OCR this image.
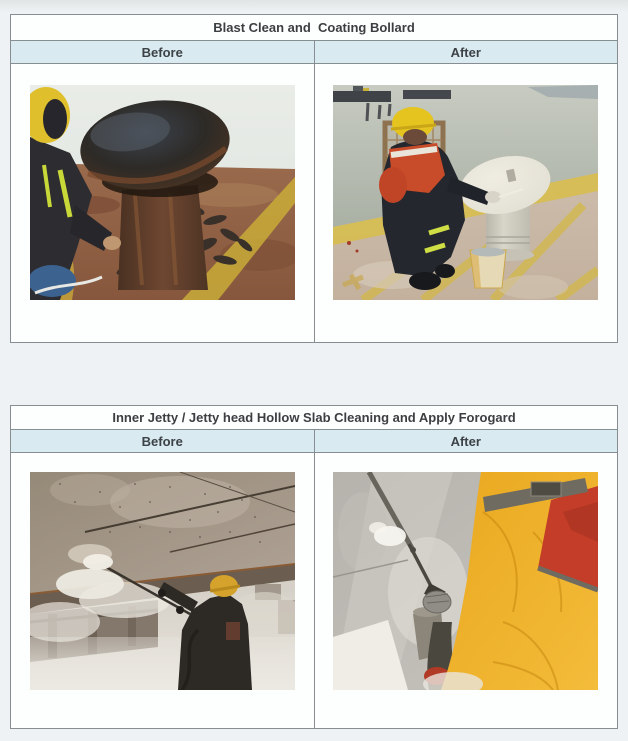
Blast Clean and  Coating Bollard
Before	After
Inner Jetty / Jetty head Hollow Slab Cleaning and Apply Forogard
Before	After
